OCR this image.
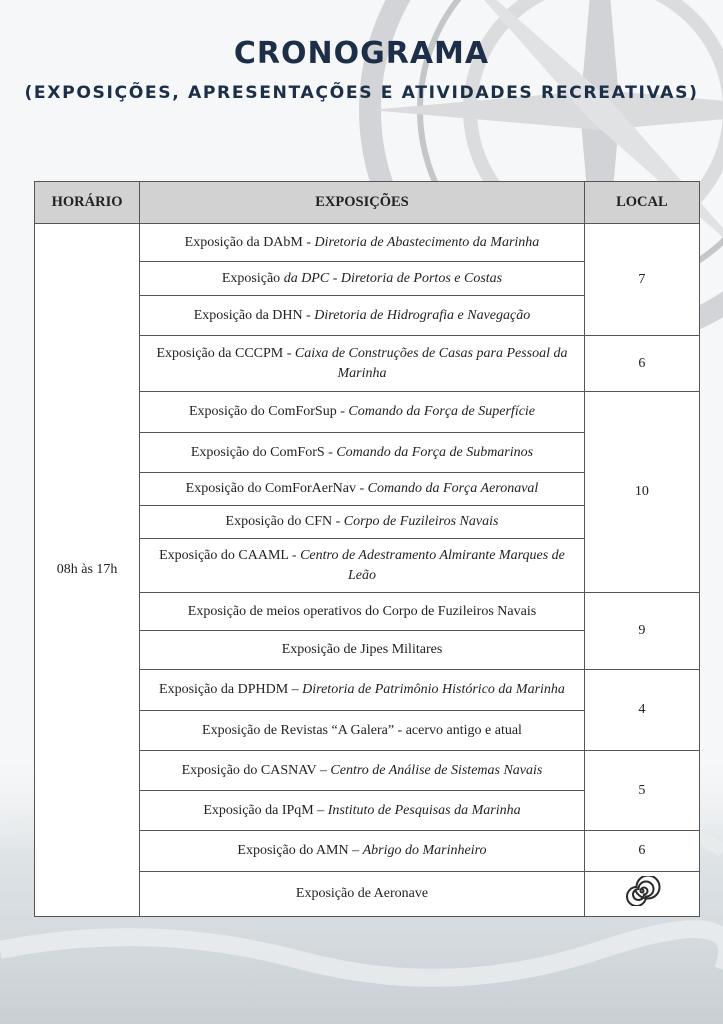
CRONOGRAMA
(EXPOSIÇÕES, APRESENTAÇÕES E ATIVIDADES RECREATIVAS)
HORÁRIO	EXPOSIÇÕES	LOCAL
08h às 17h	Exposição da DAbM - Diretoria de Abastecimento da Marinha	7
	Exposição da DPC - Diretoria de Portos e Costas	
	Exposição da DHN - Diretoria de Hidrografia e Navegação	
	Exposição da CCCPM - Caixa de Construções de Casas para Pessoal da Marinha	6
	Exposição do ComForSup - Comando da Força de Superfície	10
	Exposição do ComForS - Comando da Força de Submarinos	
	Exposição do ComForAerNav - Comando da Força Aeronaval	
	Exposição do CFN - Corpo de Fuzileiros Navais	
	Exposição do CAAML - Centro de Adestramento Almirante Marques de Leão	
	Exposição de meios operativos do Corpo de Fuzileiros Navais	9
	Exposição de Jipes Militares	
	Exposição da DPHDM – Diretoria de Patrimônio Histórico da Marinha	4
	Exposição de Revistas “A Galera” - acervo antigo e atual	
	Exposição do CASNAV – Centro de Análise de Sistemas Navais	5
	Exposição da IPqM – Instituto de Pesquisas da Marinha	
	Exposição do AMN – Abrigo do Marinheiro	6
	Exposição de Aeronave	
